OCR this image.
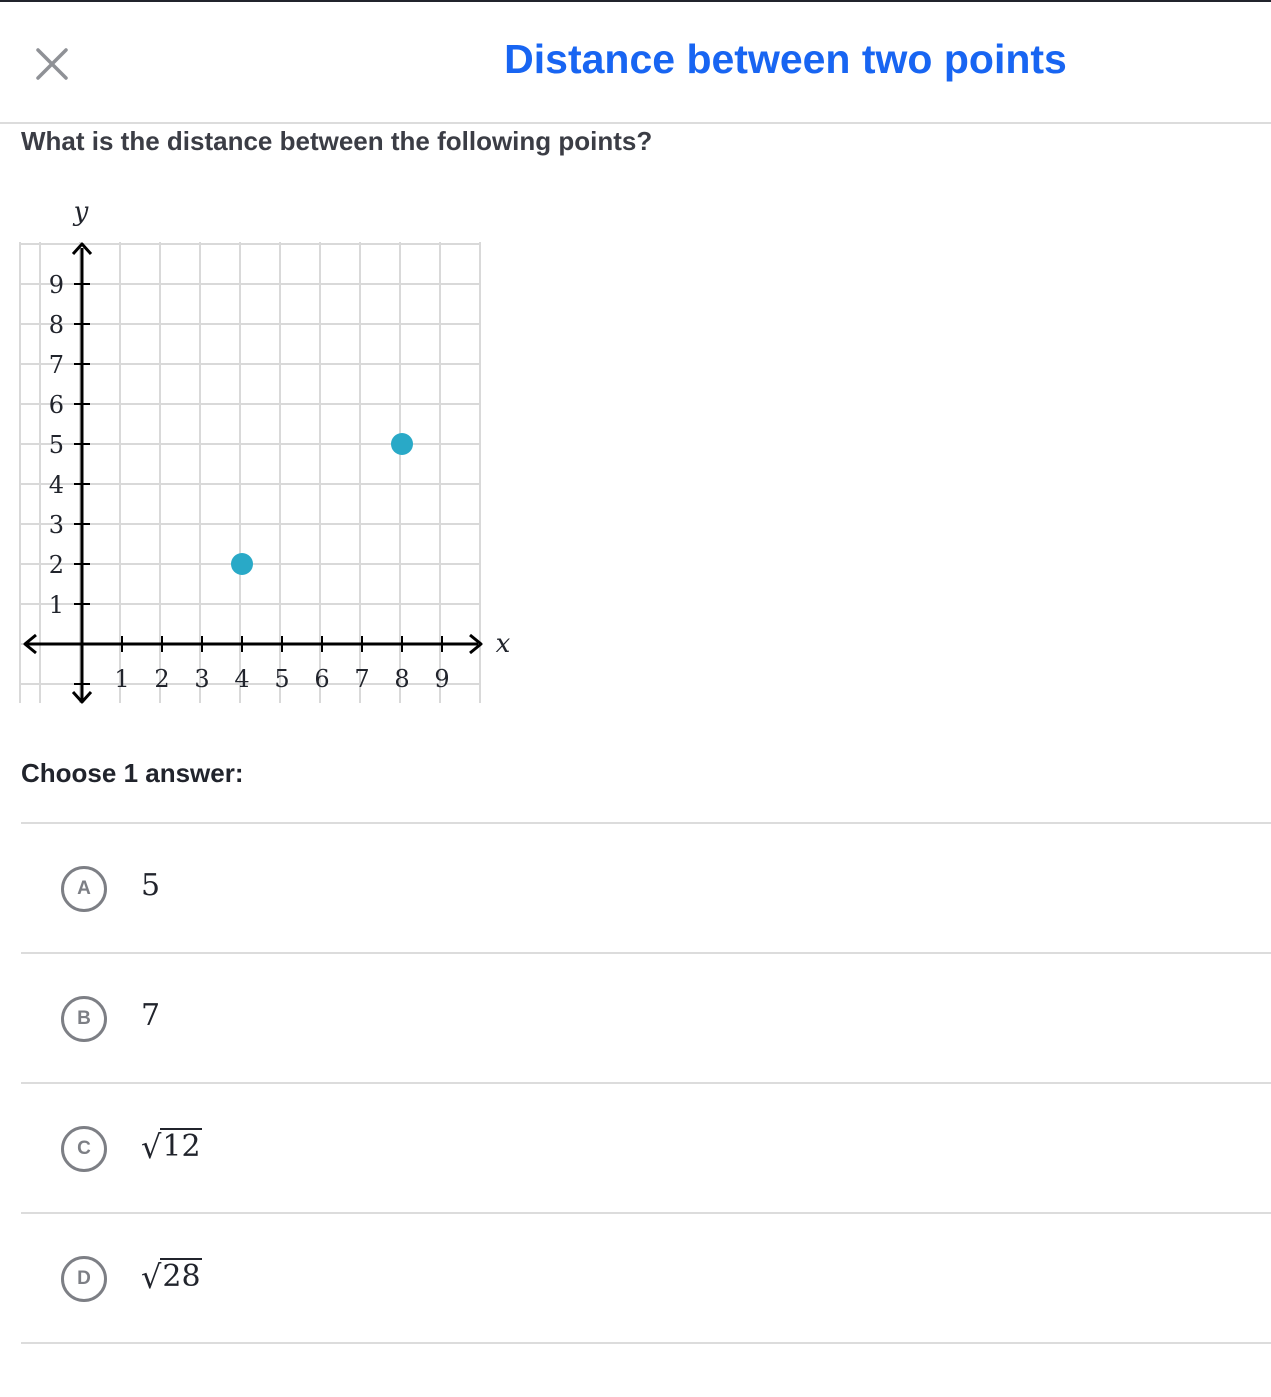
Distance between two points
What is the distance between the following points?
1 2 3 4 5 6 7 8 9
1
2
3
4
5
6
7
8
9
x
y
Choose 1 answer:
A	5
B	7
C	√ 12
D	√ 28
